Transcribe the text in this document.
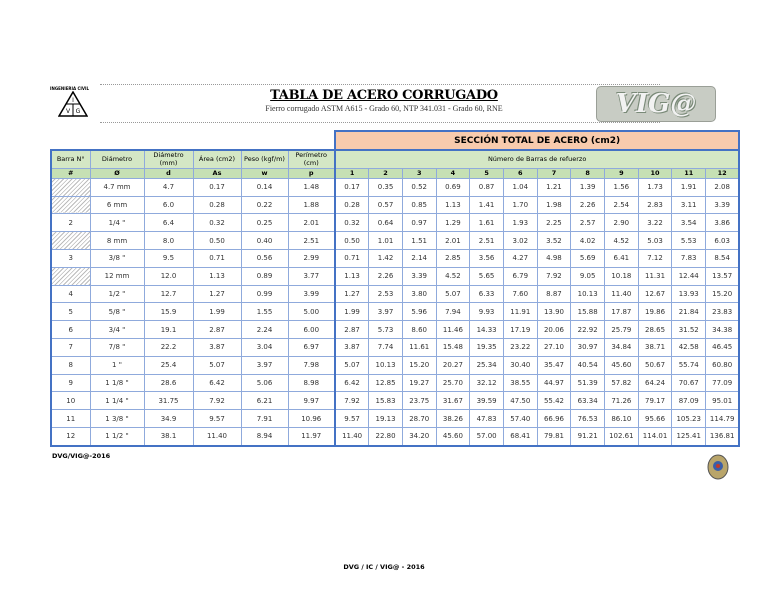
INGENIERIA CIVIL
I
V G
TABLA DE ACERO CORRUGADO
Fierro corrugado ASTM A615 - Grado 60, NTP 341.031 - Grado 60, RNE	VIG@
						SECCIÓN TOTAL DE ACERO (cm2)											
Barra N°	Diámetro	Diámetro (mm)	Área (cm2)	Peso (kgf/m)	Perímetro (cm)	Número de Barras de refuerzo											
#	Ø	d	As	w	p	1	2	3	4	5	6	7	8	9	10	11	12
	4.7 mm	4.7	0.17	0.14	1.48	0.17	0.35	0.52	0.69	0.87	1.04	1.21	1.39	1.56	1.73	1.91	2.08
	6 mm	6.0	0.28	0.22	1.88	0.28	0.57	0.85	1.13	1.41	1.70	1.98	2.26	2.54	2.83	3.11	3.39
2	1/4 "	6.4	0.32	0.25	2.01	0.32	0.64	0.97	1.29	1.61	1.93	2.25	2.57	2.90	3.22	3.54	3.86
	8 mm	8.0	0.50	0.40	2.51	0.50	1.01	1.51	2.01	2.51	3.02	3.52	4.02	4.52	5.03	5.53	6.03
3	3/8 "	9.5	0.71	0.56	2.99	0.71	1.42	2.14	2.85	3.56	4.27	4.98	5.69	6.41	7.12	7.83	8.54
	12 mm	12.0	1.13	0.89	3.77	1.13	2.26	3.39	4.52	5.65	6.79	7.92	9.05	10.18	11.31	12.44	13.57
4	1/2 "	12.7	1.27	0.99	3.99	1.27	2.53	3.80	5.07	6.33	7.60	8.87	10.13	11.40	12.67	13.93	15.20
5	5/8 "	15.9	1.99	1.55	5.00	1.99	3.97	5.96	7.94	9.93	11.91	13.90	15.88	17.87	19.86	21.84	23.83
6	3/4 "	19.1	2.87	2.24	6.00	2.87	5.73	8.60	11.46	14.33	17.19	20.06	22.92	25.79	28.65	31.52	34.38
7	7/8 "	22.2	3.87	3.04	6.97	3.87	7.74	11.61	15.48	19.35	23.22	27.10	30.97	34.84	38.71	42.58	46.45
8	1 "	25.4	5.07	3.97	7.98	5.07	10.13	15.20	20.27	25.34	30.40	35.47	40.54	45.60	50.67	55.74	60.80
9	1 1/8 "	28.6	6.42	5.06	8.98	6.42	12.85	19.27	25.70	32.12	38.55	44.97	51.39	57.82	64.24	70.67	77.09
10	1 1/4 "	31.75	7.92	6.21	9.97	7.92	15.83	23.75	31.67	39.59	47.50	55.42	63.34	71.26	79.17	87.09	95.01
11	1 3/8 "	34.9	9.57	7.91	10.96	9.57	19.13	28.70	38.26	47.83	57.40	66.96	76.53	86.10	95.66	105.23	114.79
12	1 1/2 "	38.1	11.40	8.94	11.97	11.40	22.80	34.20	45.60	57.00	68.41	79.81	91.21	102.61	114.01	125.41	136.81
DVG/VIG@-2016
DVG / IC / VIG@ - 2016
